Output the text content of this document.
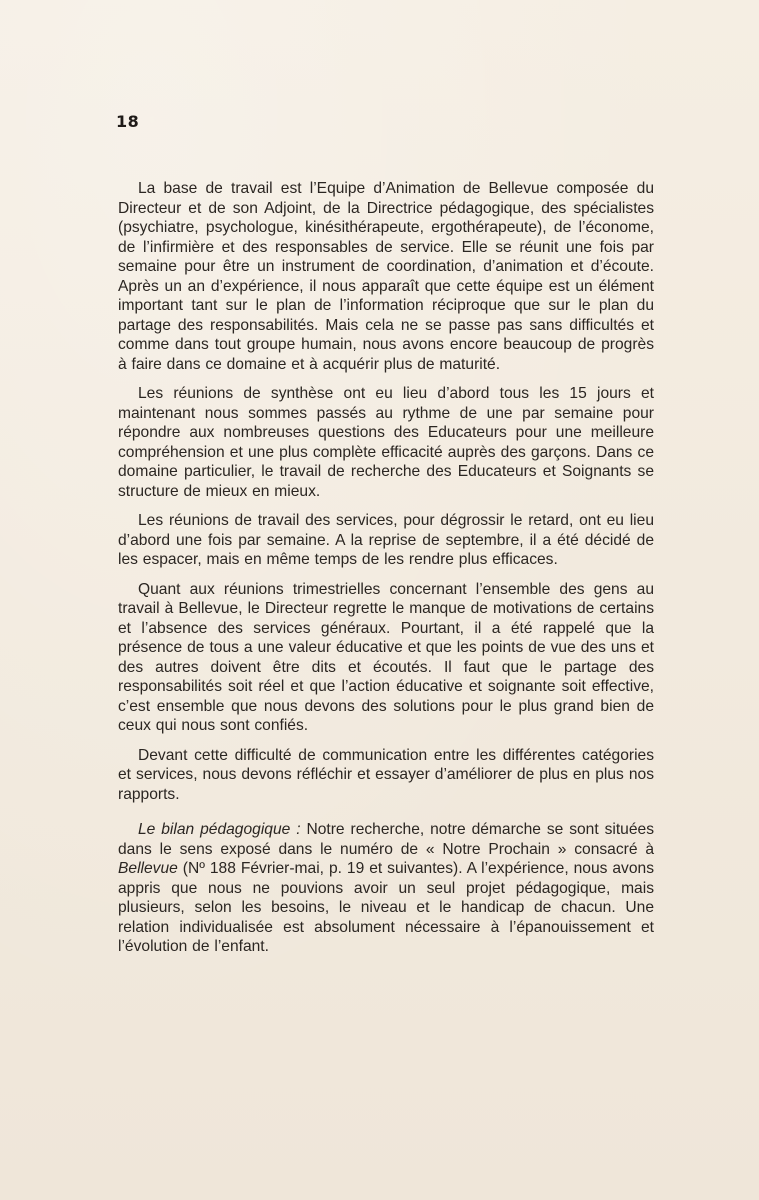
18

La base de travail est l’Equipe d’Animation de Bellevue composée du Directeur et de son Adjoint, de la Directrice pédagogique, des spécialistes (psychiatre, psychologue, kinésithérapeute, ergothérapeute), de l’économe, de l’infirmière et des responsables de service. Elle se réunit une fois par semaine pour être un instrument de coordination, d’animation et d’écoute. Après un an d’expérience, il nous apparaît que cette équipe est un élément important tant sur le plan de l’information réciproque que sur le plan du partage des responsabilités. Mais cela ne se passe pas sans difficultés et comme dans tout groupe humain, nous avons encore beaucoup de progrès à faire dans ce domaine et à acquérir plus de maturité.

Les réunions de synthèse ont eu lieu d’abord tous les 15 jours et maintenant nous sommes passés au rythme de une par semaine pour répondre aux nombreuses questions des Educateurs pour une meilleure compréhension et une plus complète efficacité auprès des garçons. Dans ce domaine particulier, le travail de recherche des Educateurs et Soignants se structure de mieux en mieux.

Les réunions de travail des services, pour dégrossir le retard, ont eu lieu d’abord une fois par semaine. A la reprise de septembre, il a été décidé de les espacer, mais en même temps de les rendre plus efficaces.

Quant aux réunions trimestrielles concernant l’ensemble des gens au travail à Bellevue, le Directeur regrette le manque de motivations de certains et l’absence des services généraux. Pourtant, il a été rappelé que la présence de tous a une valeur éducative et que les points de vue des uns et des autres doivent être dits et écoutés. Il faut que le partage des responsabilités soit réel et que l’action éducative et soignante soit effective, c’est ensemble que nous devons des solutions pour le plus grand bien de ceux qui nous sont confiés.

Devant cette difficulté de communication entre les différentes catégories et services, nous devons réfléchir et essayer d’améliorer de plus en plus nos rapports.

Le bilan pédagogique : Notre recherche, notre démarche se sont situées dans le sens exposé dans le numéro de « Notre Prochain » consacré à Bellevue (Nº 188 Février-mai, p. 19 et suivantes). A l’expérience, nous avons appris que nous ne pouvions avoir un seul projet pédagogique, mais plusieurs, selon les besoins, le niveau et le handicap de chacun. Une relation individualisée est absolument nécessaire à l’épanouissement et l’évolution de l’enfant.
